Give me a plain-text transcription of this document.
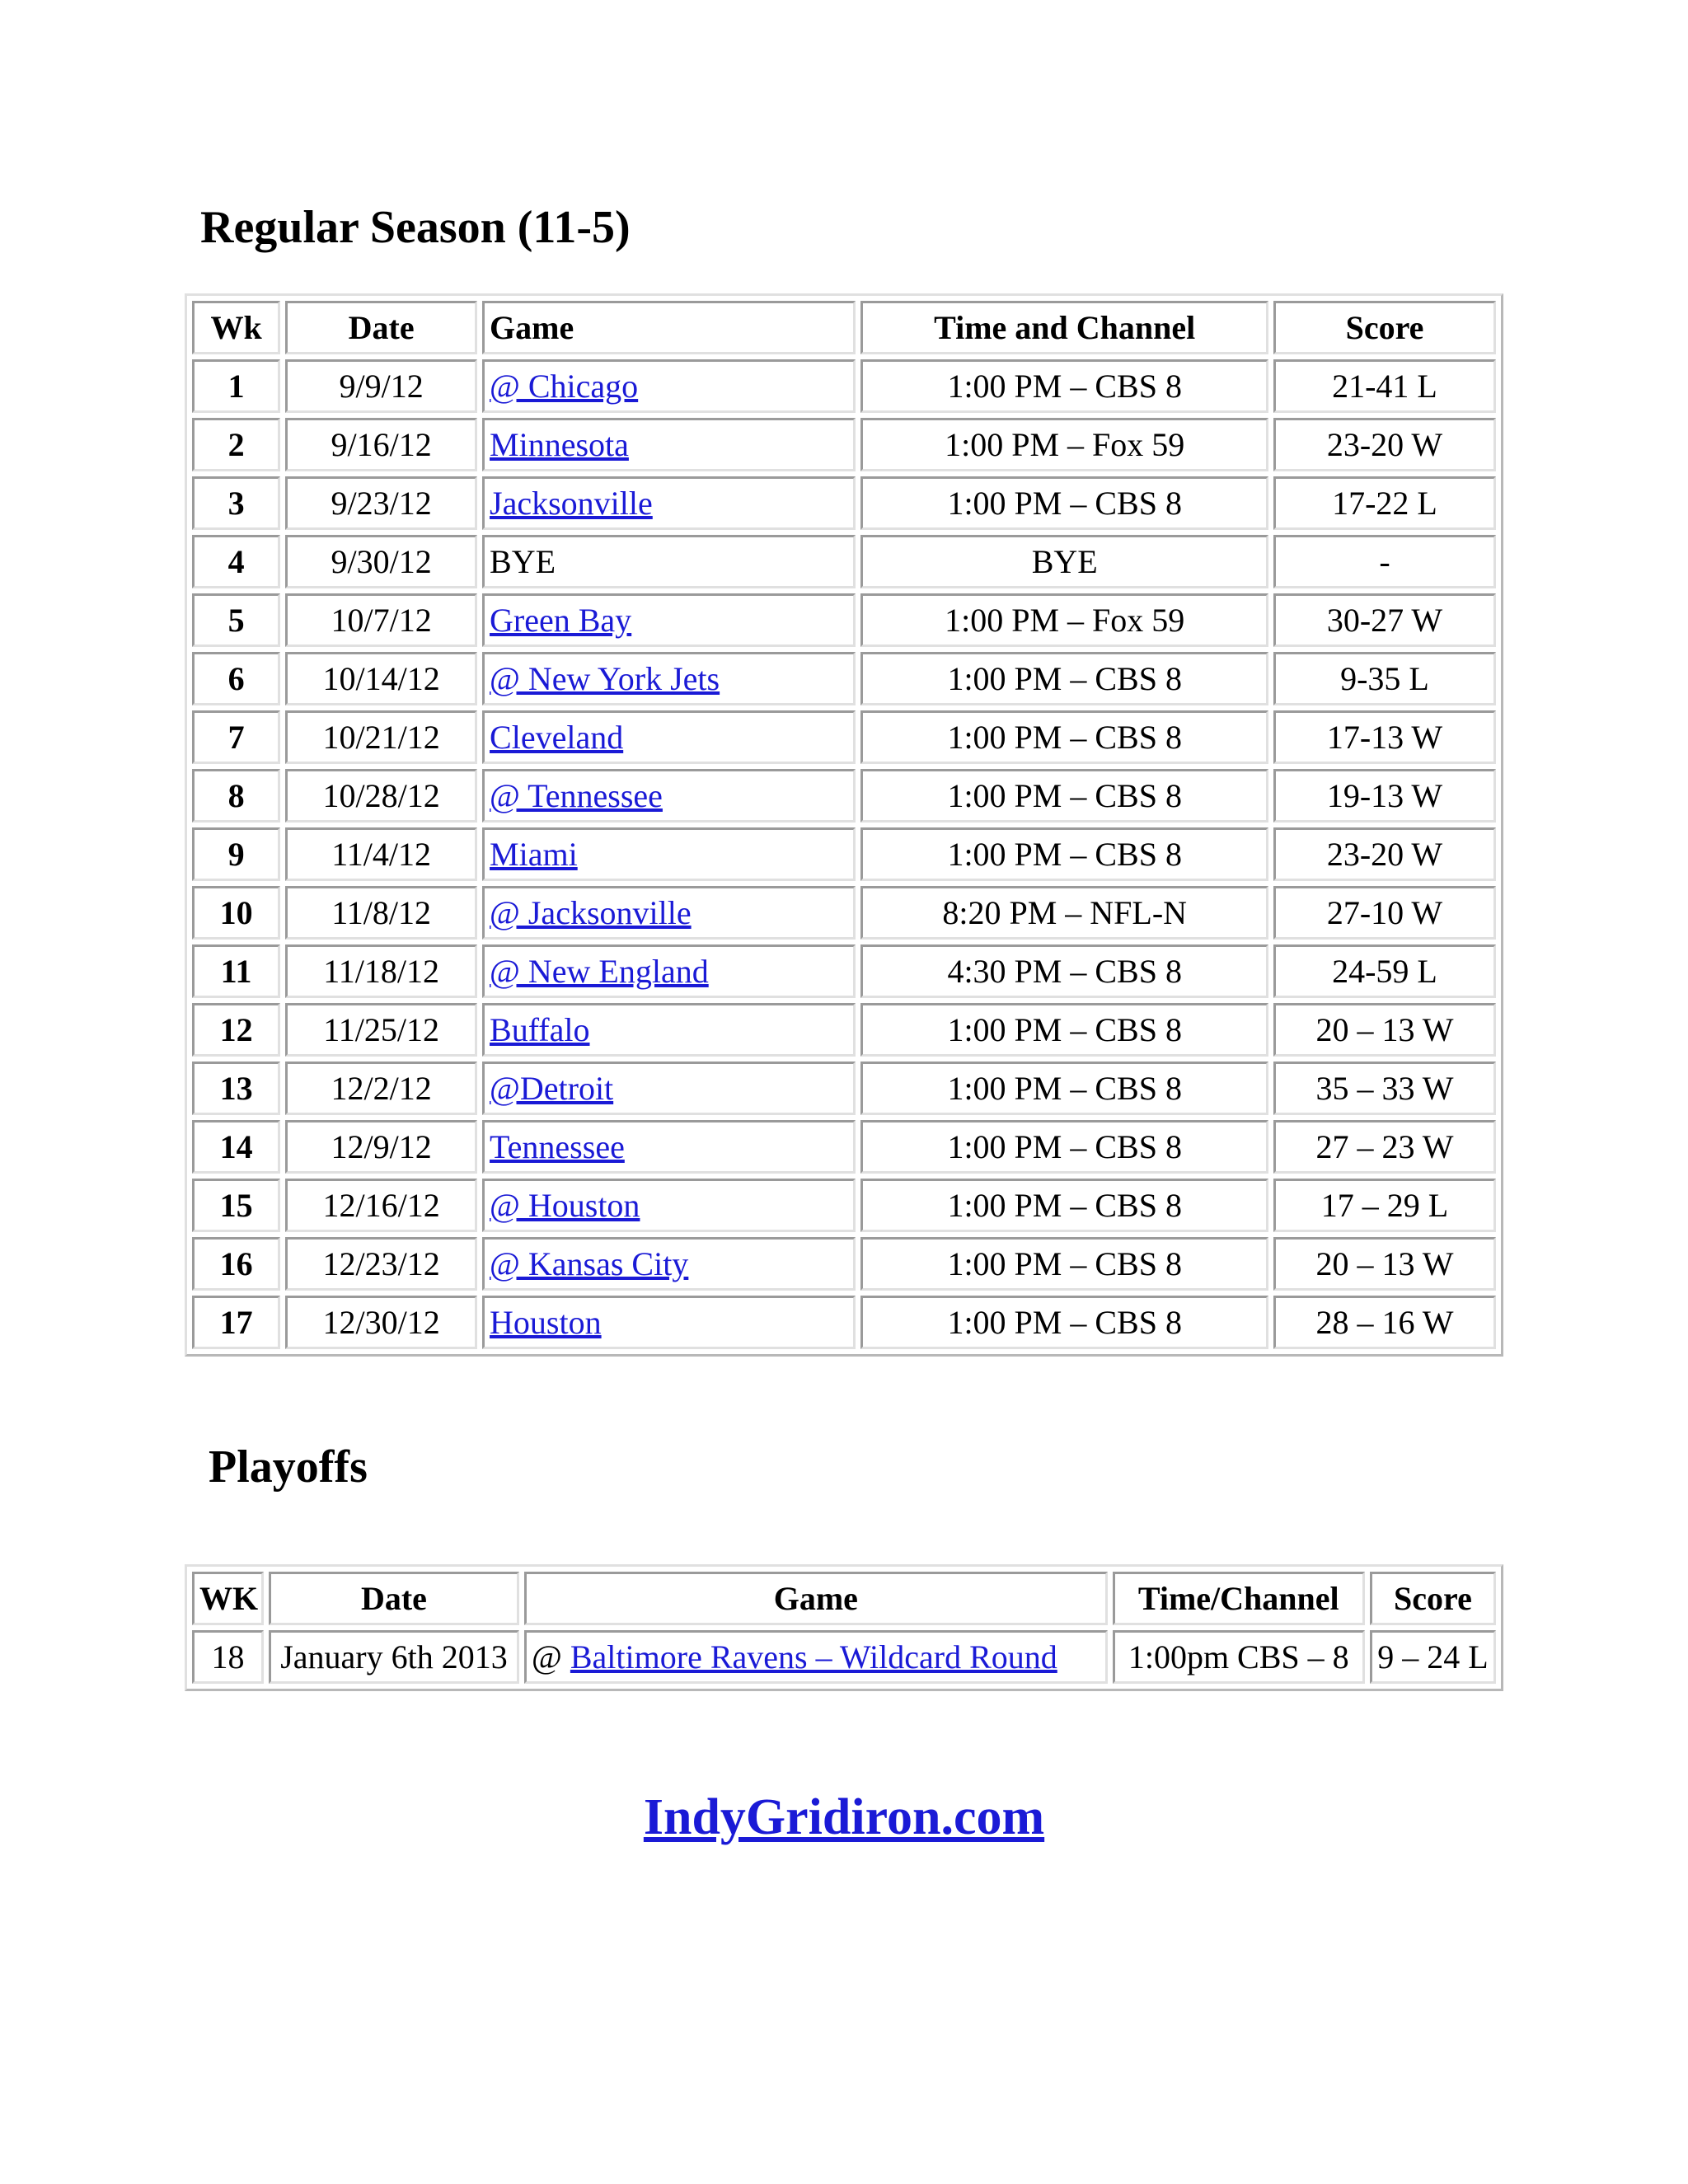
Regular Season (11-5)
Wk	Date	Game	Time and Channel	Score
1	9/9/12	@ Chicago	1:00 PM – CBS 8	21-41 L
2	9/16/12	Minnesota	1:00 PM – Fox 59	23-20 W
3	9/23/12	Jacksonville	1:00 PM – CBS 8	17-22 L
4	9/30/12	BYE	BYE	-
5	10/7/12	Green Bay	1:00 PM – Fox 59	30-27 W
6	10/14/12	@ New York Jets	1:00 PM – CBS 8	9-35 L
7	10/21/12	Cleveland	1:00 PM – CBS 8	17-13 W
8	10/28/12	@ Tennessee	1:00 PM – CBS 8	19-13 W
9	11/4/12	Miami	1:00 PM – CBS 8	23-20 W
10	11/8/12	@ Jacksonville	8:20 PM – NFL-N	27-10 W
11	11/18/12	@ New England	4:30 PM – CBS 8	24-59 L
12	11/25/12	Buffalo	1:00 PM – CBS 8	20 – 13 W
13	12/2/12	@Detroit	1:00 PM – CBS 8	35 – 33 W
14	12/9/12	Tennessee	1:00 PM – CBS 8	27 – 23 W
15	12/16/12	@ Houston	1:00 PM – CBS 8	17 – 29 L
16	12/23/12	@ Kansas City	1:00 PM – CBS 8	20 – 13 W
17	12/30/12	Houston	1:00 PM – CBS 8	28 – 16 W
Playoffs
WK	Date	Game	Time/Channel	Score
18	January 6th 2013	@ Baltimore Ravens – Wildcard Round	1:00pm CBS – 8	9 – 24 L
IndyGridiron.com
